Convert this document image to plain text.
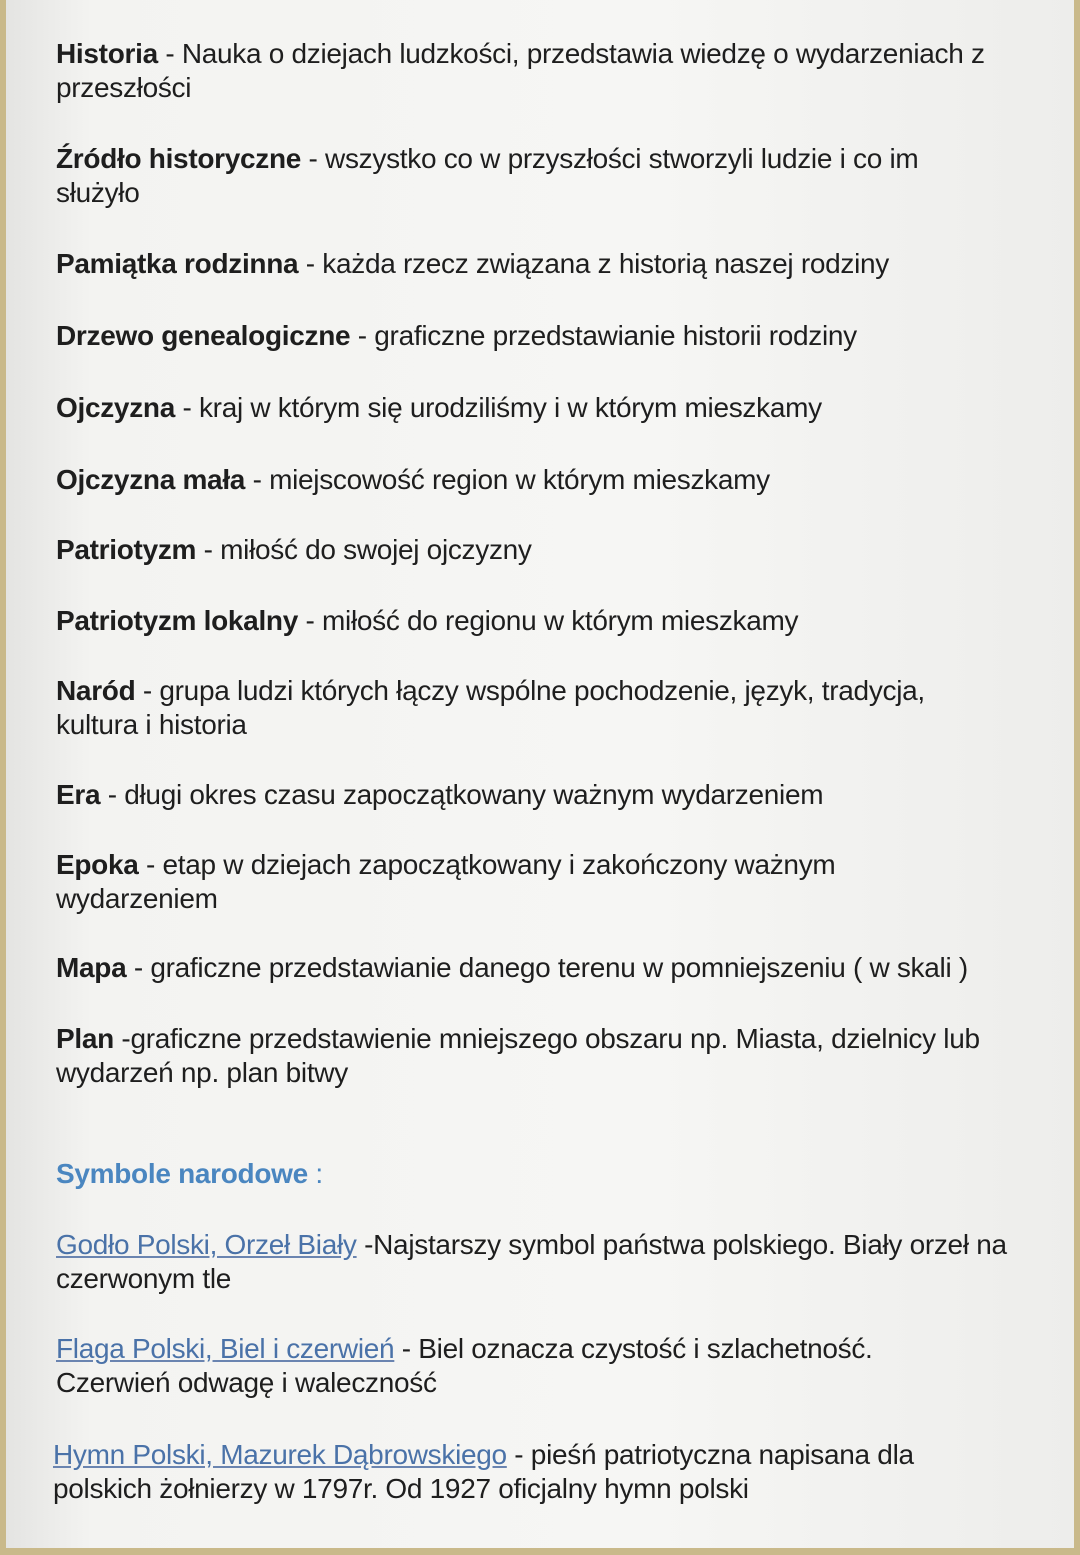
Historia - Nauka o dziejach ludzkości, przedstawia wiedzę o wydarzeniach z przeszłości
Źródło historyczne - wszystko co w przyszłości stworzyli ludzie i co im służyło
Pamiątka rodzinna - każda rzecz związana z historią naszej rodziny
Drzewo genealogiczne - graficzne przedstawianie historii rodziny
Ojczyzna - kraj w którym się urodziliśmy i w którym mieszkamy
Ojczyzna mała - miejscowość region w którym mieszkamy
Patriotyzm - miłość do swojej ojczyzny
Patriotyzm lokalny - miłość do regionu w którym mieszkamy
Naród - grupa ludzi których łączy wspólne pochodzenie, język, tradycja, kultura i historia
Era - długi okres czasu zapoczątkowany ważnym wydarzeniem
Epoka - etap w dziejach zapoczątkowany i zakończony ważnym wydarzeniem
Mapa - graficzne przedstawianie danego terenu w pomniejszeniu ( w skali )
Plan -graficzne przedstawienie mniejszego obszaru np. Miasta, dzielnicy lub wydarzeń np. plan bitwy
Symbole narodowe :
Godło Polski, Orzeł Biały -Najstarszy symbol państwa polskiego. Biały orzeł na czerwonym tle
Flaga Polski, Biel i czerwień - Biel oznacza czystość i szlachetność. Czerwień odwagę i waleczność
Hymn Polski, Mazurek Dąbrowskiego - pieśń patriotyczna napisana dla polskich żołnierzy w 1797r. Od 1927 oficjalny hymn polski
